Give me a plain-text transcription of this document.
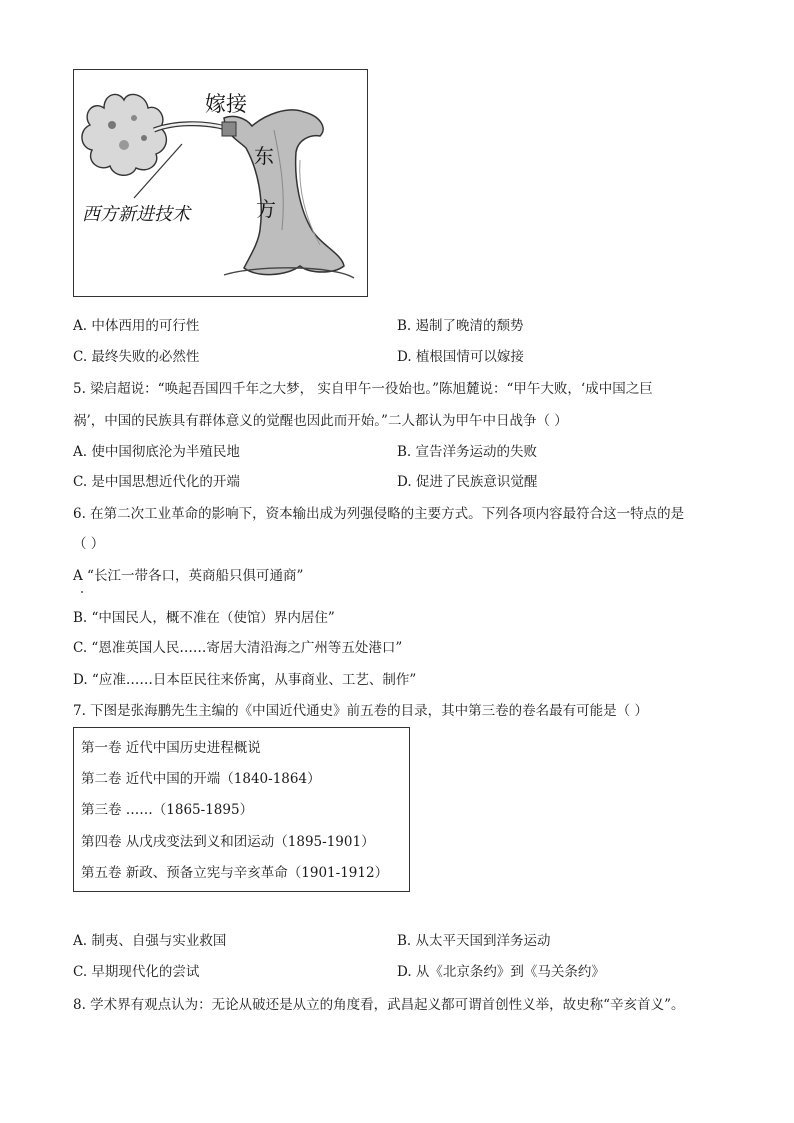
嫁接
东
方
西方新进技术
A. 中体西用的可行性	B. 遏制了晚清的颓势
C. 最终失败的必然性	D. 植根国情可以嫁接
5. 梁启超说：“唤起吾国四千年之大梦， 实自甲午一役始也。”陈旭麓说：“甲午大败，‘成中国之巨
祸’，中国的民族具有群体意义的觉醒也因此而开始。”二人都认为甲午中日战争（ ）
A. 使中国彻底沦为半殖民地	B. 宣告洋务运动的失败
C. 是中国思想近代化的开端	D. 促进了民族意识觉醒
6. 在第二次工业革命的影响下，资本输出成为列强侵略的主要方式。下列各项内容最符合这一特点的是
（ ）
A “长江一带各口，英商船只俱可通商”
B. “中国民人，概不准在（使馆）界内居住”
C. “恩准英国人民……寄居大清沿海之广州等五处港口”
D. “应准……日本臣民往来侨寓，从事商业、工艺、制作”
7. 下图是张海鹏先生主编的《中国近代通史》前五卷的目录，其中第三卷的卷名最有可能是（ ）
第一卷 近代中国历史进程概说
第二卷 近代中国的开端（1840-1864）
第三卷 ……（1865-1895）
第四卷 从戊戌变法到义和团运动（1895-1901）
第五卷 新政、预备立宪与辛亥革命（1901-1912）
A. 制夷、自强与实业救国	B. 从太平天国到洋务运动
C. 早期现代化的尝试	D. 从《北京条约》到《马关条约》
8. 学术界有观点认为：无论从破还是从立的角度看，武昌起义都可谓首创性义举，故史称“辛亥首义”。
